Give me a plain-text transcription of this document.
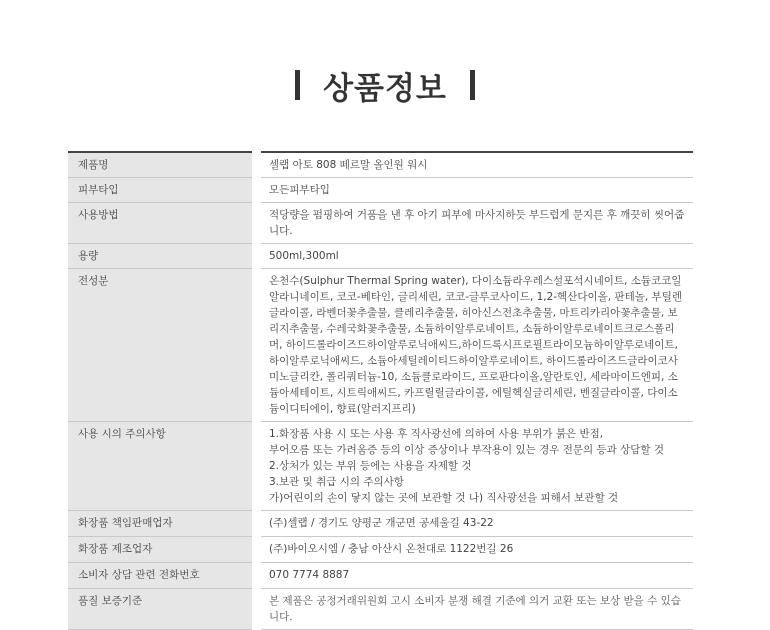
상품정보
제품명	셀랩 아토 808 떼르말 올인원 워시
피부타입	모든피부타입
사용방법	적당량을 펌핑하여 거품을 낸 후 아기 피부에 마사지하듯 부드럽게 문지른 후 깨끗히 씻어줍니다.
용량	500ml,300ml
전성분	온천수(Sulphur Thermal Spring water), 다이소듐라우레스설포석시네이트, 소듐코코일알라니네이트, 코코-베타인, 글리세린, 코코-글루코사이드, 1,2-헥산다이올, 판테놀, 부틸렌글라이콜, 라벤더꽃추출물, 클레리추출물, 히아신스전초추출물, 마트리카리아꽃추출물, 보리지추출물, 수레국화꽃추출물, 소듐하이알루로네이트, 소듐하이알루로네이트크로스폴리머, 하이드롤라이즈드하이알루로닉애씨드,하이드록시프로필트라이모늄하이알루로네이트, 하이알루로닉애씨드, 소듐아세틸레이티드하이알루로네이트, 하이드롤라이즈드글라이코사미노글리칸, 폴리쿼터늄-10, 소듐클로라이드, 프로판다이올,알란토인, 세라마이드엔피, 소듐아세테이트, 시트릭애씨드, 카프릴릴글라이콜, 에틸헥실글리세린, 벤질글라이콜, 다이소듐이디티에이, 향료(알러지프리)
사용 시의 주의사항	1.화장품 사용 시 또는 사용 후 직사광선에 의하여 사용 부위가 붉은 반점,
부어오름 또는 가려움증 등의 이상 증상이나 부작용이 있는 경우 전문의 등과 상담할 것
2.상처가 있는 부위 등에는 사용을 자제할 것
3.보관 및 취급 시의 주의사항
가)어린이의 손이 닿지 않는 곳에 보관할 것 나) 직사광선을 피해서 보관할 것

화장품 책임판매업자	(주)셀랩 / 경기도 양평군 개군면 공세울길 43-22
화장품 제조업자	(주)바이오시엠 / 충남 아산시 온천대로 1122번길 26
소비자 상담 관련 전화번호	070 7774 8887
품질 보증기준	본 제품은 공정거래위원회 고시 소비자 분쟁 해결 기준에 의거 교환 또는 보상 받을 수 있습니다.
